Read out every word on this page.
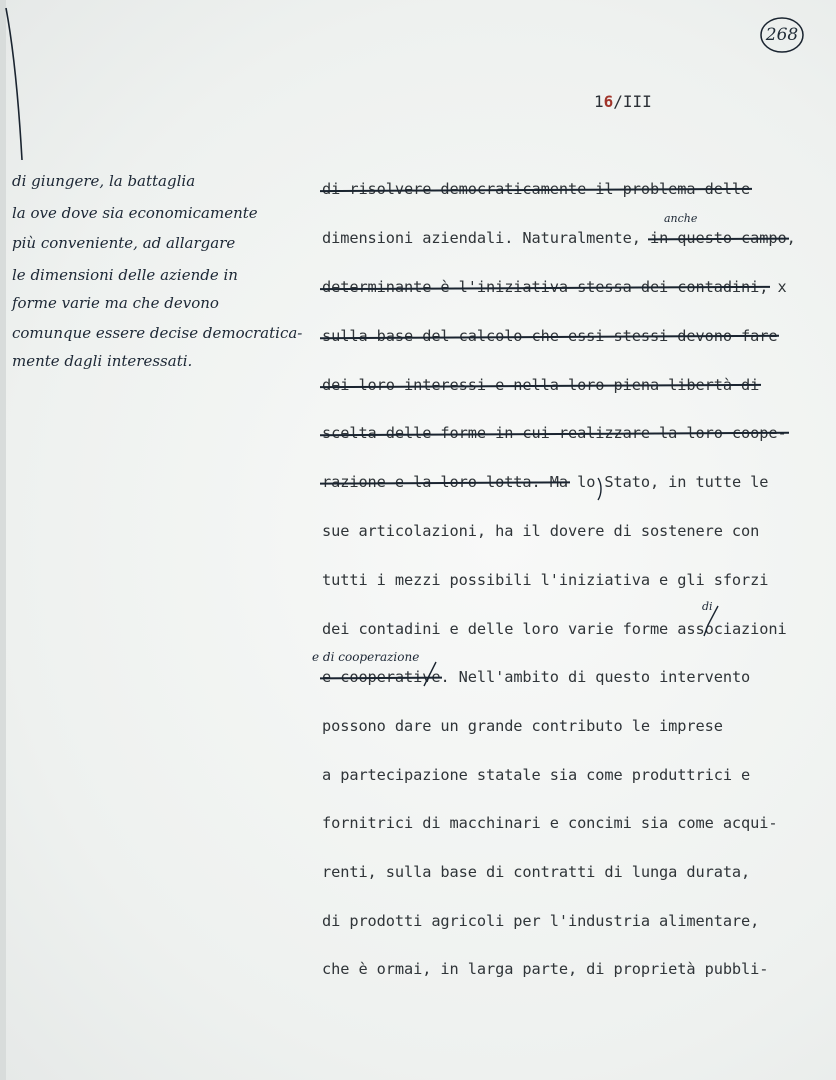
268
16/III
di giungere, la battaglia
la ove dove sia economicamente
più conveniente, ad allargare
le dimensioni delle aziende in
forme varie ma che devono
comunque essere decise democratica-
mente dagli interessati.
di risolvere democraticamente il problema delle
dimensioni aziendali. Naturalmente, in questo campo,
determinante è l'iniziativa stessa dei contadini, x
sulla base del calcolo che essi stessi devono fare
dei loro interessi e nella loro piena libertà di
scelta delle forme in cui realizzare la loro coope-
razione e la loro lotta. Ma lo Stato, in tutte le
sue articolazioni, ha il dovere di sostenere con
tutti i mezzi possibili l'iniziativa e gli sforzi
dei contadini e delle loro varie forme associazioni
e cooperative. Nell'ambito di questo intervento
possono dare un grande contributo le imprese
a partecipazione statale sia come produttrici e
fornitrici di macchinari e concimi sia come acqui-
renti, sulla base di contratti di lunga durata,
di prodotti agricoli per l'industria alimentare,
che è ormai, in larga parte, di proprietà pubbli-
anche
di
e di cooperazione
